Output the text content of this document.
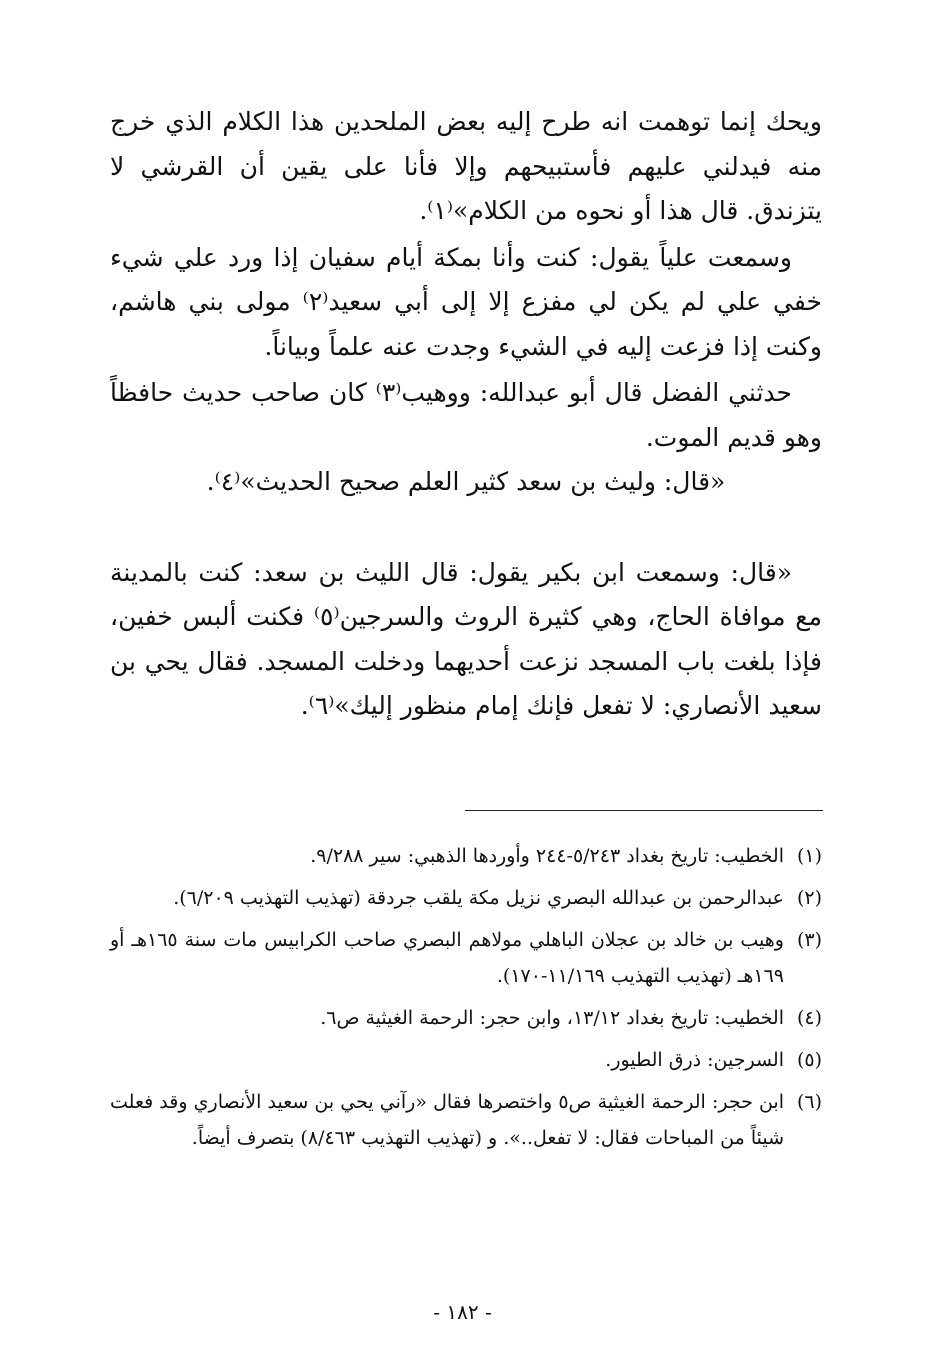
ويحك إنما توهمت انه طرح إليه بعض الملحدين هذا الكلام الذي خرج منه فيدلني عليهم فأستبيحهم وإلا فأنا على يقين أن القرشي لا يتزندق. قال هذا أو نحوه من الكلام»⁽١⁾.

وسمعت علياً يقول: كنت وأنا بمكة أيام سفيان إذا ورد علي شيء خفي علي لم يكن لي مفزع إلا إلى أبي سعيد⁽٢⁾ مولى بني هاشم، وكنت إذا فزعت إليه في الشيء وجدت عنه علماً وبياناً.

حدثني الفضل قال أبو عبدالله: ووهيب⁽٣⁾ كان صاحب حديث حافظاً وهو قديم الموت.

«قال: وليث بن سعد كثير العلم صحيح الحديث»⁽٤⁾.

«قال: وسمعت ابن بكير يقول: قال الليث بن سعد: كنت بالمدينة مع موافاة الحاج، وهي كثيرة الروث والسرجين⁽٥⁾ فكنت ألبس خفين، فإذا بلغت باب المسجد نزعت أحديهما ودخلت المسجد. فقال يحي بن سعيد الأنصاري: لا تفعل فإنك إمام منظور إليك»⁽٦⁾.

(١)
الخطيب: تاريخ بغداد ٥/٢٤٣-٢٤٤ وأوردها الذهبي: سير ٩/٢٨٨.
(٢)
عبدالرحمن بن عبدالله البصري نزيل مكة يلقب جردقة (تهذيب التهذيب ٦/٢٠٩).
(٣)
وهيب بن خالد بن عجلان الباهلي مولاهم البصري صاحب الكرابيس مات سنة ١٦٥هـ أو ١٦٩هـ (تهذيب التهذيب ١١/١٦٩-١٧٠).
(٤)
الخطيب: تاريخ بغداد ١٣/١٢، وابن حجر: الرحمة الغيثية ص٦.
(٥)
السرجين: ذرق الطيور.
(٦)
ابن حجر: الرحمة الغيثية ص٥ واختصرها فقال «رآني يحي بن سعيد الأنصاري وقد فعلت شيئاً من المباحات فقال: لا تفعل..». و (تهذيب التهذيب ٨/٤٦٣) بتصرف أيضاً.
- ١٨٢ -
